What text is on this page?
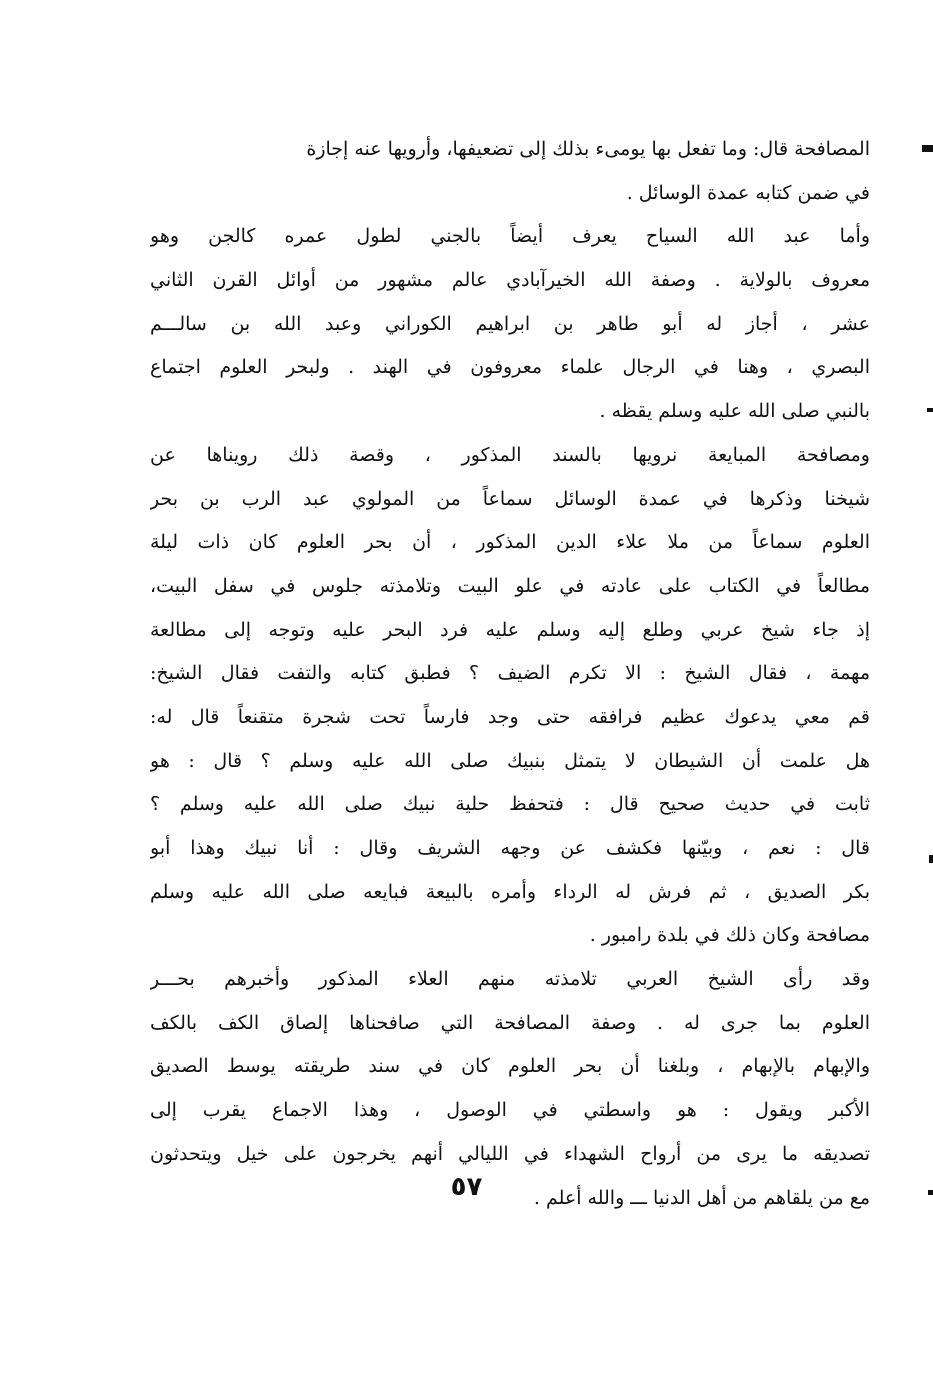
المصافحة قال: وما تفعل بها يومىء بذلك إلى تضعيفها، وأرويها عنه إجازة
في ضمن كتابه عمدة الوسائل .
وأما عبد الله السياح يعرف أيضاً بالجني لطول عمره كالجن وهو
معروف بالولاية . وصفة الله الخيرآبادي عالم مشهور من أوائل القرن الثاني
عشر ، أجاز له أبو طاهر بن ابراهيم الكوراني وعبد الله بن سالـــم
البصري ، وهنا في الرجال علماء معروفون في الهند . ولبحر العلوم اجتماع
بالنبي صلى الله عليه وسلم يقظه .
ومصافحة المبايعة نرويها بالسند المذكور ، وقصة ذلك رويناها عن
شيخنا وذكرها في عمدة الوسائل سماعاً من المولوي عبد الرب بن بحر
العلوم سماعاً من ملا علاء الدين المذكور ، أن بحر العلوم كان ذات ليلة
مطالعاً في الكتاب على عادته في علو البيت وتلامذته جلوس في سفل البيت،
إذ جاء شيخ عربي وطلع إليه وسلم عليه فرد البحر عليه وتوجه إلى مطالعة
مهمة ، فقال الشيخ : الا تكرم الضيف ؟ فطبق كتابه والتفت فقال الشيخ:
قم معي يدعوك عظيم فرافقه حتى وجد فارساً تحت شجرة متقنعاً قال له:
هل علمت أن الشيطان لا يتمثل بنبيك صلى الله عليه وسلم ؟ قال : هو
ثابت في حديث صحيح قال : فتحفظ حلية نبيك صلى الله عليه وسلم ؟
قال : نعم ، وبيّنها فكشف عن وجهه الشريف وقال : أنا نبيك وهذا أبو
بكر الصديق ، ثم فرش له الرداء وأمره بالبيعة فبايعه صلى الله عليه وسلم
مصافحة وكان ذلك في بلدة رامبور .
وقد رأى الشيخ العربي تلامذته منهم العلاء المذكور وأخبرهم بحـــر
العلوم بما جرى له . وصفة المصافحة التي صافحناها إلصاق الكف بالكف
والإبهام بالإبهام ، وبلغنا أن بحر العلوم كان في سند طريقته يوسط الصديق
الأكبر ويقول : هو واسطتي في الوصول ، وهذا الاجماع يقرب إلى
تصديقه ما يرى من أرواح الشهداء في الليالي أنهم يخرجون على خيل ويتحدثون
مع من يلقاهم من أهل الدنيا ـــ والله أعلم .
٥٧
